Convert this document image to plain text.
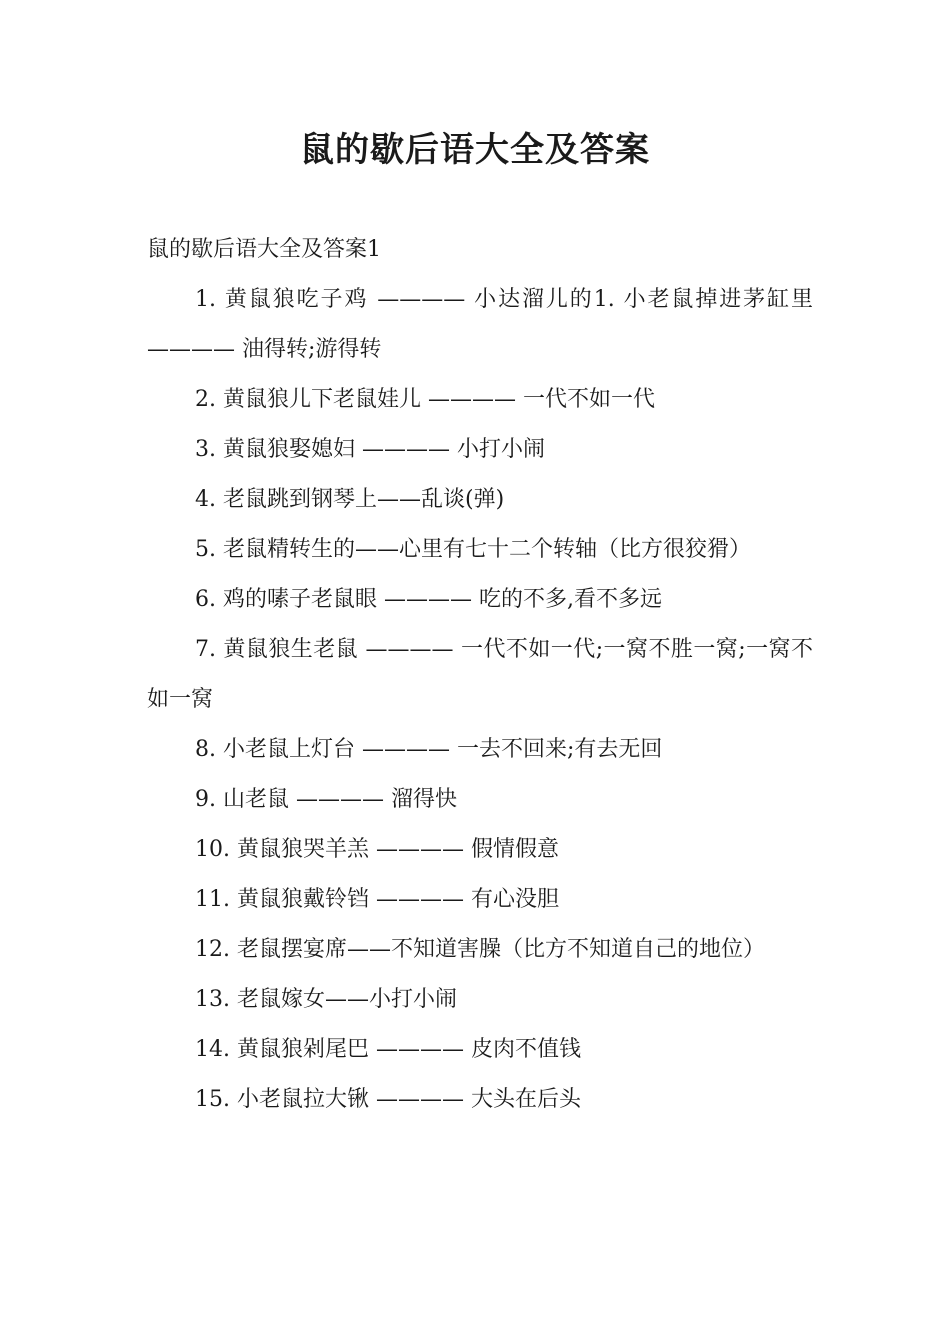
鼠的歇后语大全及答案

鼠的歇后语大全及答案1

1. 黄鼠狼吃子鸡 ———— 小达溜儿的1. 小老鼠掉进茅缸里 ———— 油得转;游得转

2. 黄鼠狼儿下老鼠娃儿 ———— 一代不如一代

3. 黄鼠狼娶媳妇 ———— 小打小闹

4. 老鼠跳到钢琴上——乱谈(弹)

5. 老鼠精转生的——心里有七十二个转轴（比方很狡猾）

6. 鸡的嗉子老鼠眼 ———— 吃的不多,看不多远

7. 黄鼠狼生老鼠 ———— 一代不如一代;一窝不胜一窝;一窝不如一窝

8. 小老鼠上灯台 ———— 一去不回来;有去无回

9. 山老鼠 ———— 溜得快

10. 黄鼠狼哭羊羔 ———— 假情假意

11. 黄鼠狼戴铃铛 ———— 有心没胆

12. 老鼠摆宴席——不知道害臊（比方不知道自己的地位）

13. 老鼠嫁女——小打小闹

14. 黄鼠狼剁尾巴 ———— 皮肉不值钱

15. 小老鼠拉大锹 ———— 大头在后头
